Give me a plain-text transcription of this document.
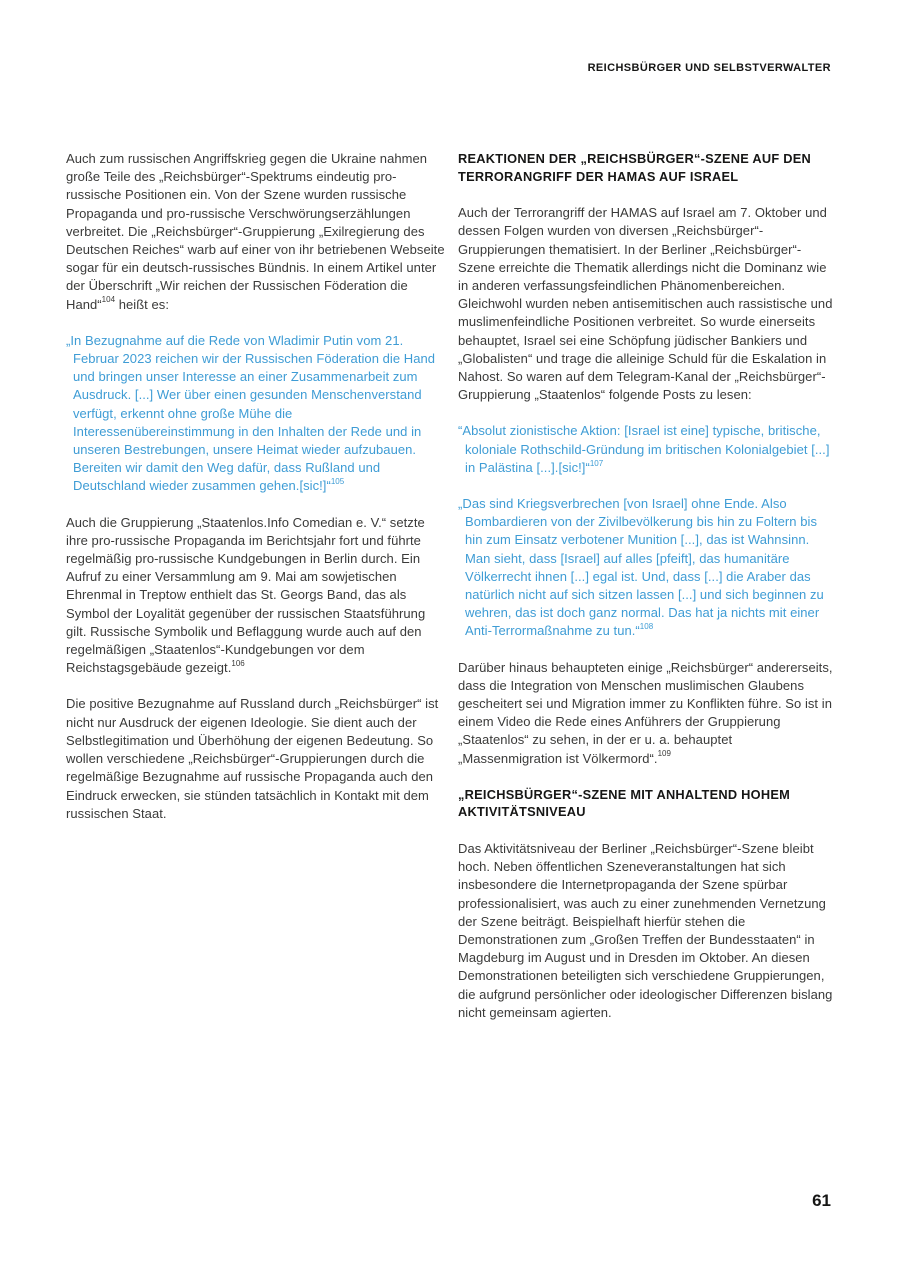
REICHSBÜRGER UND SELBSTVERWALTER

Auch zum russischen Angriffskrieg gegen die Ukraine nahmen große Teile des „Reichsbürger“-Spektrums eindeutig pro-russische Positionen ein. Von der Szene wurden russische Propaganda und pro-russische Verschwörungserzählungen verbreitet. Die „Reichsbürger“-Gruppierung „Exilregierung des Deutschen Reiches“ warb auf einer von ihr betriebenen Webseite sogar für ein deutsch-russisches Bündnis. In einem Artikel unter der Überschrift „Wir reichen der Russischen Föderation die Hand“$^{104}$ heißt es:

„In Bezugnahme auf die Rede von Wladimir Putin vom 21. Februar 2023 reichen wir der Russischen Föderation die Hand und bringen unser Interesse an einer Zusammenarbeit zum Ausdruck. [...] Wer über einen gesunden Menschenverstand verfügt, erkennt ohne große Mühe die Interessenübereinstimmung in den Inhalten der Rede und in unseren Bestrebungen, unsere Heimat wieder aufzubauen. Bereiten wir damit den Weg dafür, dass Rußland und Deutschland wieder zusammen gehen.[sic!]“$^{105}$

Auch die Gruppierung „Staatenlos.Info Comedian e. V.“ setzte ihre pro-russische Propaganda im Berichtsjahr fort und führte regelmäßig pro-russische Kundgebungen in Berlin durch. Ein Aufruf zu einer Versammlung am 9. Mai am sowjetischen Ehrenmal in Treptow enthielt das St. Georgs Band, das als Symbol der Loyalität gegenüber der russischen Staatsführung gilt. Russische Symbolik und Beflaggung wurde auch auf den regelmäßigen „Staatenlos“-Kundgebungen vor dem Reichstagsgebäude gezeigt.$^{106}$

Die positive Bezugnahme auf Russland durch „Reichsbürger“ ist nicht nur Ausdruck der eigenen Ideologie. Sie dient auch der Selbstlegitimation und Überhöhung der eigenen Bedeutung. So wollen verschiedene „Reichsbürger“-Gruppierungen durch die regelmäßige Bezugnahme auf russische Propaganda auch den Eindruck erwecken, sie stünden tatsächlich in Kontakt mit dem russischen Staat.

REAKTIONEN DER „REICHSBÜRGER“-SZENE AUF DEN TERRORANGRIFF DER HAMAS AUF ISRAEL

Auch der Terrorangriff der HAMAS auf Israel am 7. Oktober und dessen Folgen wurden von diversen „Reichsbürger“-Gruppierungen thematisiert. In der Berliner „Reichsbürger“-Szene erreichte die Thematik allerdings nicht die Dominanz wie in anderen verfassungsfeindlichen Phänomenbereichen. Gleichwohl wurden neben antisemitischen auch rassistische und muslimenfeindliche Positionen verbreitet. So wurde einerseits behauptet, Israel sei eine Schöpfung jüdischer Bankiers und „Globalisten“ und trage die alleinige Schuld für die Eskalation in Nahost. So waren auf dem Telegram-Kanal der „Reichsbürger“-Gruppierung „Staatenlos“ folgende Posts zu lesen:

“Absolut zionistische Aktion: [Israel ist eine] typische, britische, koloniale Rothschild-Gründung im britischen Kolonialgebiet [...] in Palästina [...].[sic!]“$^{107}$

„Das sind Kriegsverbrechen [von Israel] ohne Ende. Also Bombardieren von der Zivilbevölkerung bis hin zu Foltern bis hin zum Einsatz verbotener Munition [...], das ist Wahnsinn. Man sieht, dass [Israel] auf alles [pfeift], das humanitäre Völkerrecht ihnen [...] egal ist. Und, dass [...] die Araber das natürlich nicht auf sich sitzen lassen [...] und sich beginnen zu wehren, das ist doch ganz normal. Das hat ja nichts mit einer Anti-Terrormaßnahme zu tun.“$^{108}$

Darüber hinaus behaupteten einige „Reichsbürger“ andererseits, dass die Integration von Menschen muslimischen Glaubens gescheitert sei und Migration immer zu Konflikten führe. So ist in einem Video die Rede eines Anführers der Gruppierung „Staatenlos“ zu sehen, in der er u. a. behauptet „Massenmigration ist Völkermord“.$^{109}$

„REICHSBÜRGER“-SZENE MIT ANHALTEND HOHEM AKTIVITÄTSNIVEAU

Das Aktivitätsniveau der Berliner „Reichsbürger“-Szene bleibt hoch. Neben öffentlichen Szeneveranstaltungen hat sich insbesondere die Internetpropaganda der Szene spürbar professionalisiert, was auch zu einer zunehmenden Vernetzung der Szene beiträgt. Beispielhaft hierfür stehen die Demonstrationen zum „Großen Treffen der Bundesstaaten“ in Magdeburg im August und in Dresden im Oktober. An diesen Demonstrationen beteiligten sich verschiedene Gruppierungen, die aufgrund persönlicher oder ideologischer Differenzen bislang nicht gemeinsam agierten.

61
